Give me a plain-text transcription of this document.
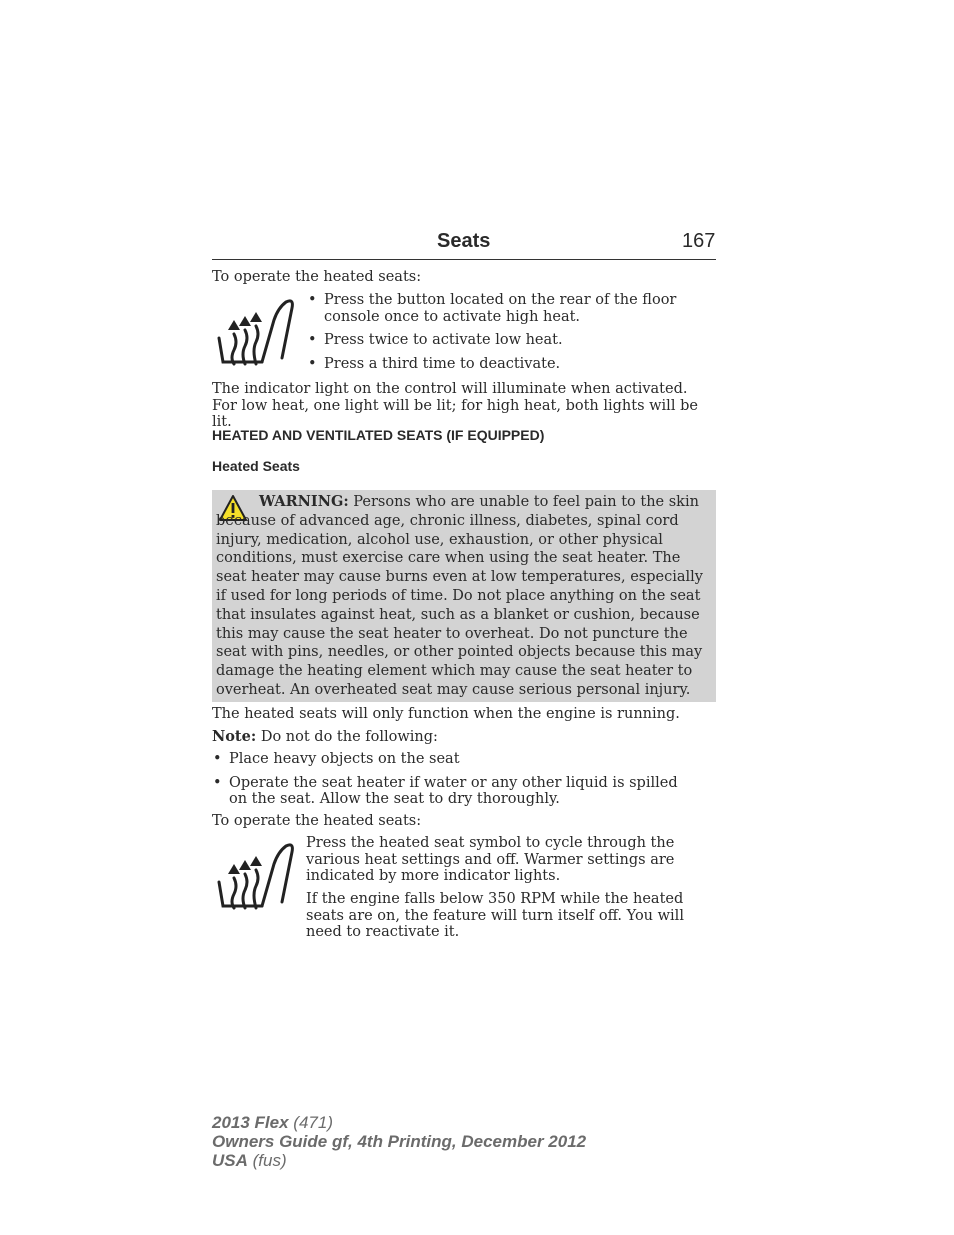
Seats	167
To operate the heated seats:
• Press the button located on the rear of the floor console once to activate high heat.
• Press twice to activate low heat.
• Press a third time to deactivate.
The indicator light on the control will illuminate when activated. For low heat, one light will be lit; for high heat, both lights will be lit.
HEATED AND VENTILATED SEATS (IF EQUIPPED)
Heated Seats
WARNING: Persons who are unable to feel pain to the skin because of advanced age, chronic illness, diabetes, spinal cord injury, medication, alcohol use, exhaustion, or other physical conditions, must exercise care when using the seat heater. The seat heater may cause burns even at low temperatures, especially if used for long periods of time. Do not place anything on the seat that insulates against heat, such as a blanket or cushion, because this may cause the seat heater to overheat. Do not puncture the seat with pins, needles, or other pointed objects because this may damage the heating element which may cause the seat heater to overheat. An overheated seat may cause serious personal injury.
The heated seats will only function when the engine is running.
Note: Do not do the following:
• Place heavy objects on the seat
• Operate the seat heater if water or any other liquid is spilled on the seat. Allow the seat to dry thoroughly.
To operate the heated seats:
Press the heated seat symbol to cycle through the various heat settings and off. Warmer settings are indicated by more indicator lights.
If the engine falls below 350 RPM while the heated seats are on, the feature will turn itself off. You will need to reactivate it.
2013 Flex (471)
Owners Guide gf, 4th Printing, December 2012
USA (fus)
